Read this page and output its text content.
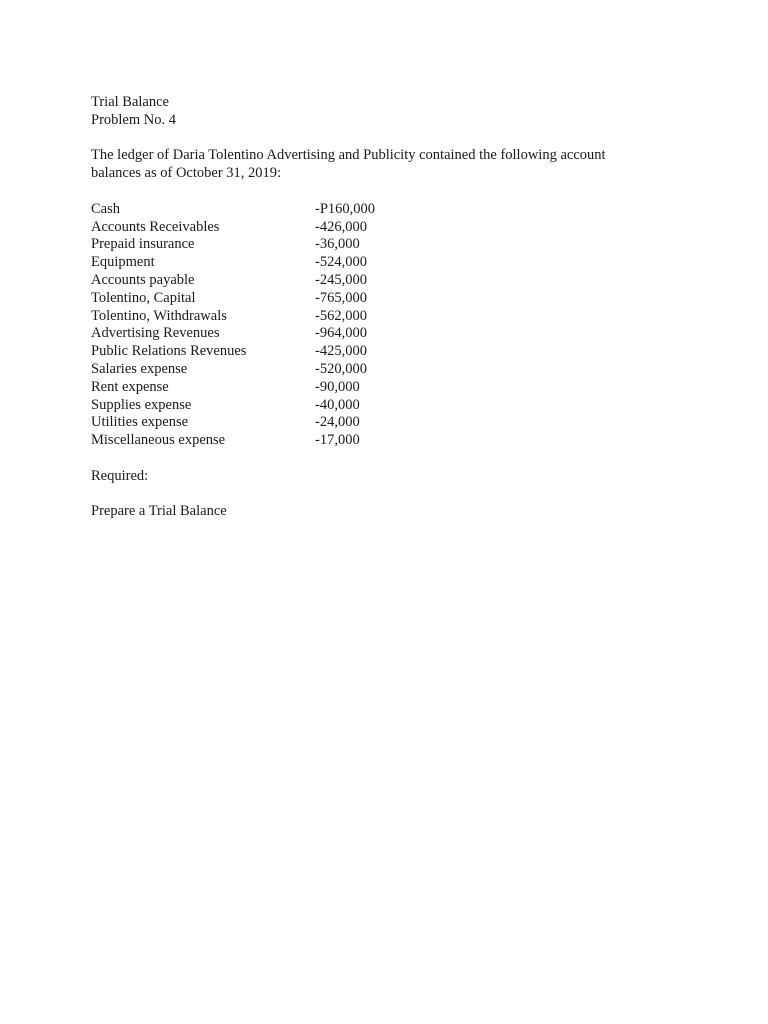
Trial Balance
Problem No. 4
The ledger of Daria Tolentino Advertising and Publicity contained the following account
balances as of October 31, 2019:
Cash	-P160,000
Accounts Receivables	-426,000
Prepaid insurance	-36,000
Equipment	-524,000
Accounts payable	-245,000
Tolentino, Capital	-765,000
Tolentino, Withdrawals	-562,000
Advertising Revenues	-964,000
Public Relations Revenues	-425,000
Salaries expense	-520,000
Rent expense	-90,000
Supplies expense	-40,000
Utilities expense	-24,000
Miscellaneous expense	-17,000
Required:
Prepare a Trial Balance
